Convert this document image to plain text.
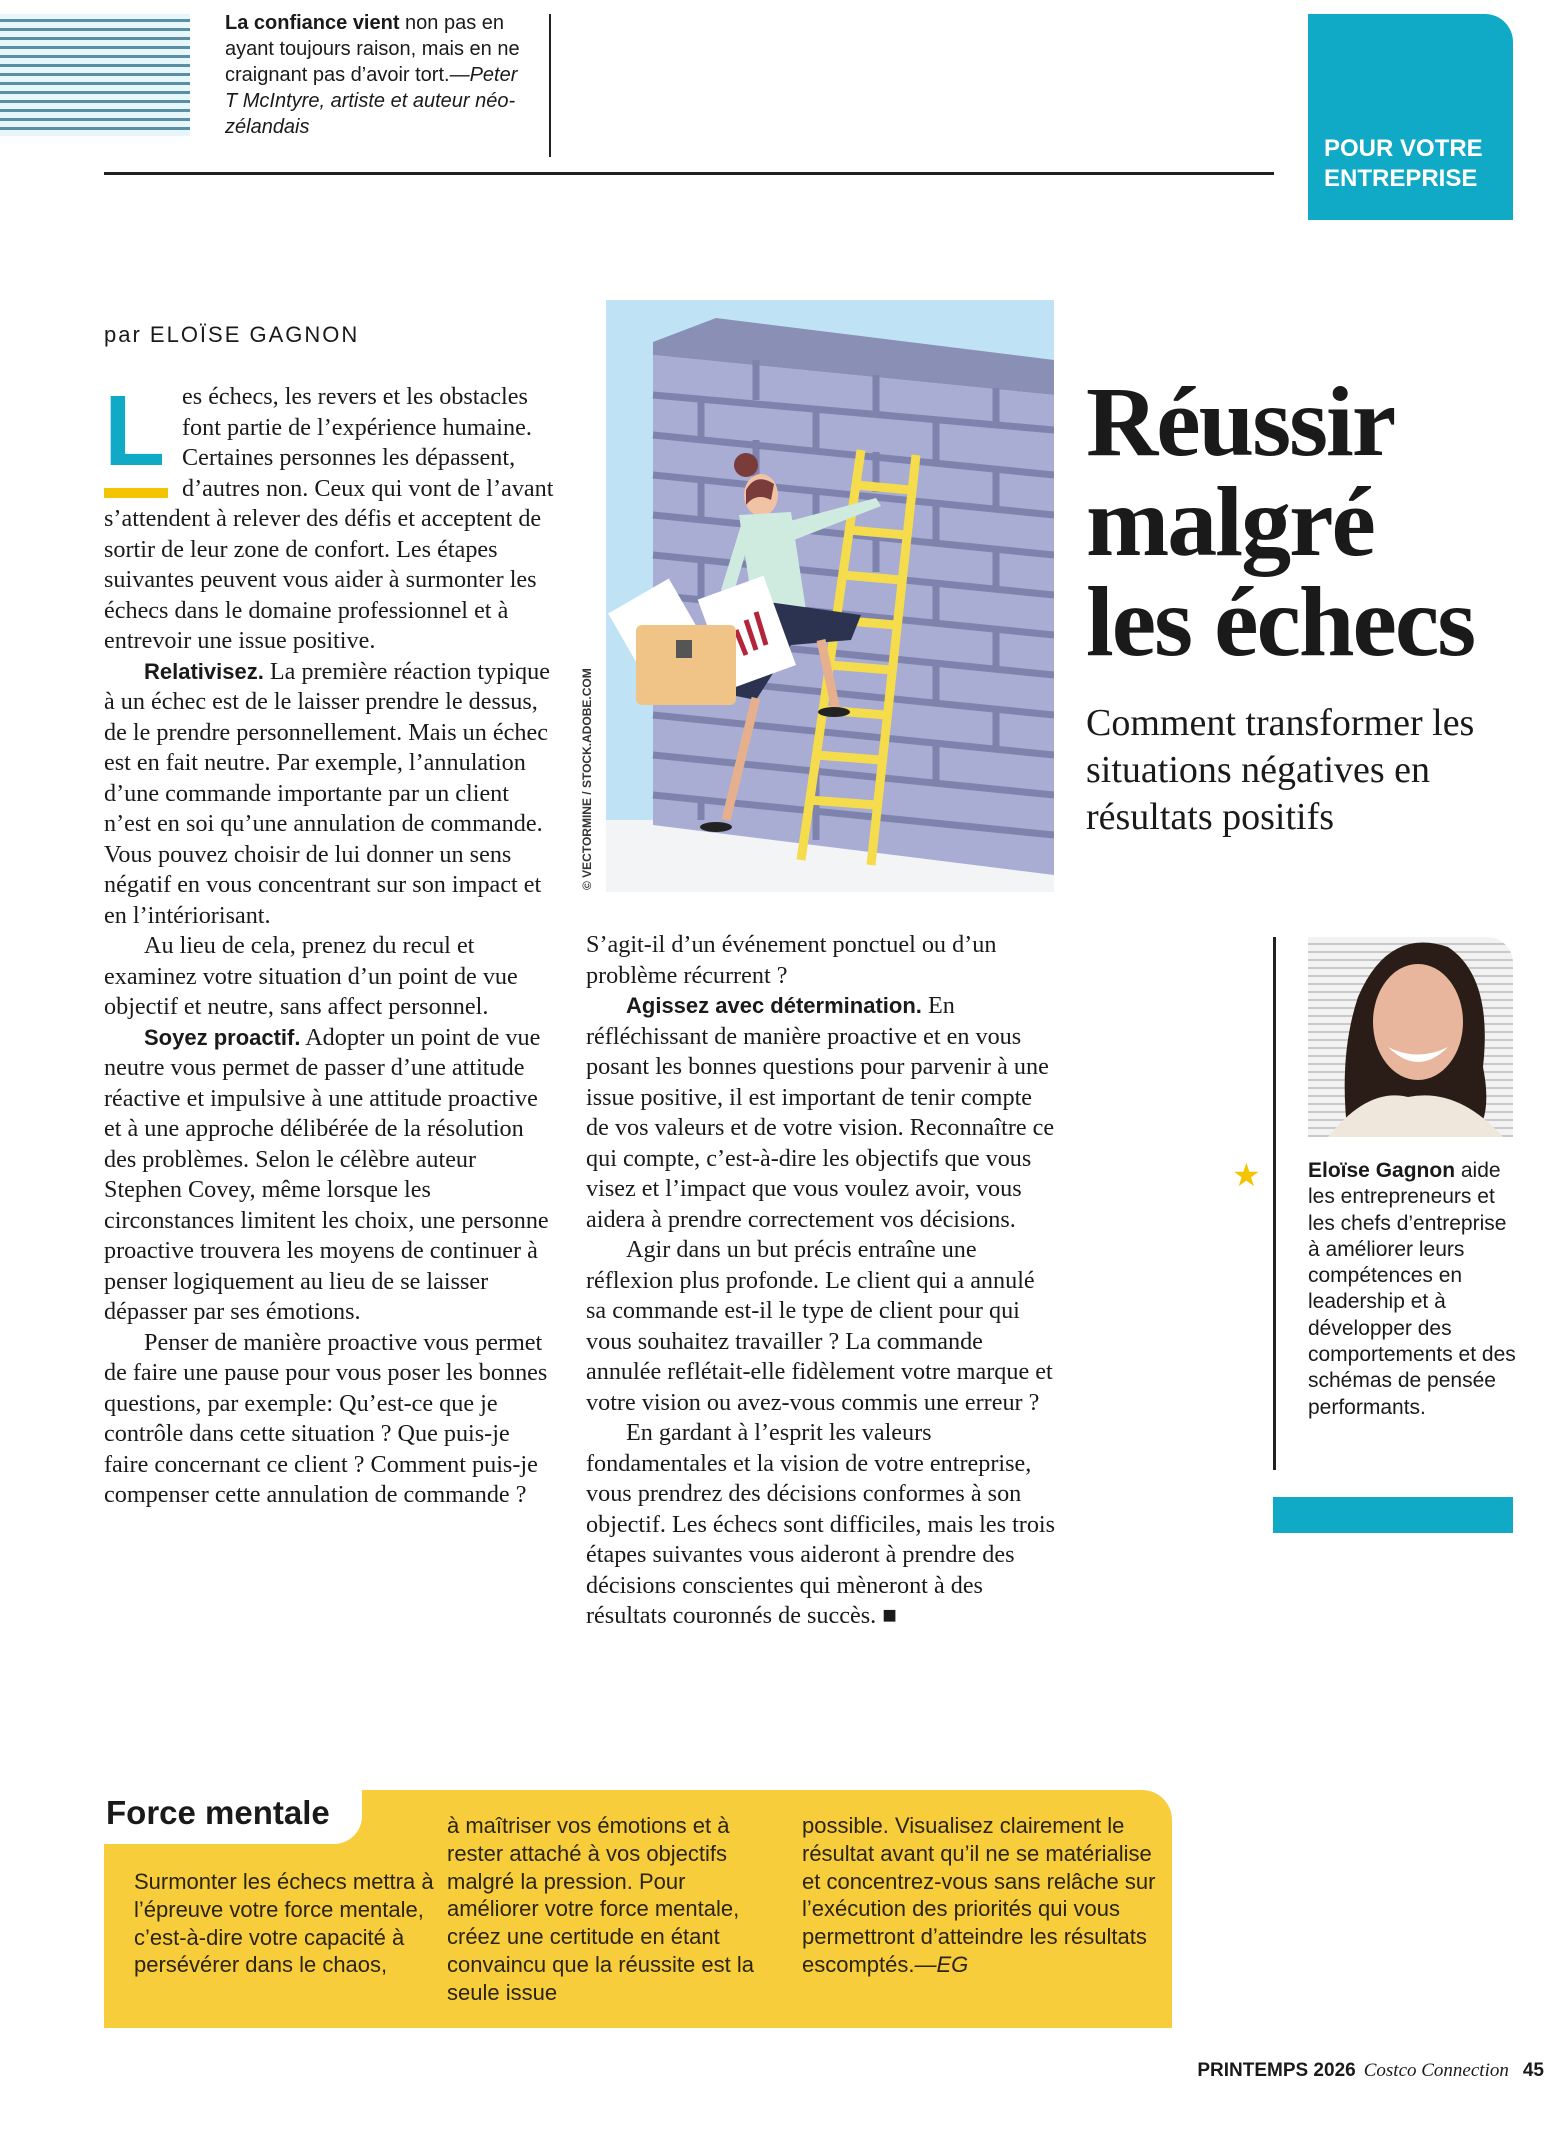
La confiance vient non pas en ayant toujours raison, mais en ne craignant pas d’avoir tort.—Peter T McIntyre, artiste et auteur néo-zélandais
POUR VOTRE ENTREPRISE
par ELOÏSE GAGNON

Les échecs, les revers et les obstacles font partie de l’expérience humaine. Certaines personnes les dépassent, d’autres non. Ceux qui vont de l’avant s’attendent à relever des défis et acceptent de sortir de leur zone de confort. Les étapes suivantes peuvent vous aider à surmonter les échecs dans le domaine professionnel et à entrevoir une issue positive.

Relativisez. La première réaction typique à un échec est de le laisser prendre le dessus, de le prendre personnellement. Mais un échec est en fait neutre. Par exemple, l’annulation d’une commande importante par un client n’est en soi qu’une annulation de commande. Vous pouvez choisir de lui donner un sens négatif en vous concentrant sur son impact et en l’intériorisant.

Au lieu de cela, prenez du recul et examinez votre situation d’un point de vue objectif et neutre, sans affect personnel.

Soyez proactif. Adopter un point de vue neutre vous permet de passer d’une attitude réactive et impulsive à une attitude proactive et à une approche délibérée de la résolution des problèmes. Selon le célèbre auteur Stephen Covey, même lorsque les circonstances limitent les choix, une personne proactive trouvera les moyens de continuer à penser logiquement au lieu de se laisser dépasser par ses émotions.

Penser de manière proactive vous permet de faire une pause pour vous poser les bonnes questions, par exemple: Qu’est-ce que je contrôle dans cette situation ? Que puis-je faire concernant ce client ? Comment puis-je compenser cette annulation de commande ?

S’agit-il d’un événement ponctuel ou d’un problème récurrent ?

Agissez avec détermination. En réfléchissant de manière proactive et en vous posant les bonnes questions pour parvenir à une issue positive, il est important de tenir compte de vos valeurs et de votre vision. Reconnaître ce qui compte, c’est-à-dire les objectifs que vous visez et l’impact que vous voulez avoir, vous aidera à prendre correctement vos décisions.

Agir dans un but précis entraîne une réflexion plus profonde. Le client qui a annulé sa commande est-il le type de client pour qui vous souhaitez travailler ? La commande annulée reflétait-elle fidèlement votre marque et votre vision ou avez-vous commis une erreur ?

En gardant à l’esprit les valeurs fondamentales et la vision de votre entreprise, vous prendrez des décisions conformes à son objectif. Les échecs sont difficiles, mais les trois étapes suivantes vous aideront à prendre des décisions conscientes qui mèneront à des résultats couronnés de succès. ■

© VECTORMINE / STOCK.ADOBE.COM
Réussir
malgré
les échecs
Comment transformer les situations négatives en résultats positifs
★ Eloïse Gagnon aide les entrepreneurs et les chefs d’entreprise à améliorer leurs compétences en leadership et à développer des comportements et des schémas de pensée performants.
Force mentale
Surmonter les échecs mettra à l’épreuve votre force mentale, c’est-à-dire votre capacité à persévérer dans le chaos,
à maîtriser vos émotions et à rester attaché à vos objectifs malgré la pression. Pour améliorer votre force mentale, créez une certitude en étant convaincu que la réussite est la seule issue
possible. Visualisez clairement le résultat avant qu’il ne se matérialise et concentrez-vous sans relâche sur l’exécution des priorités qui vous permettront d’atteindre les résultats escomptés.—EG
PRINTEMPS 2026 Costco Connection 45
